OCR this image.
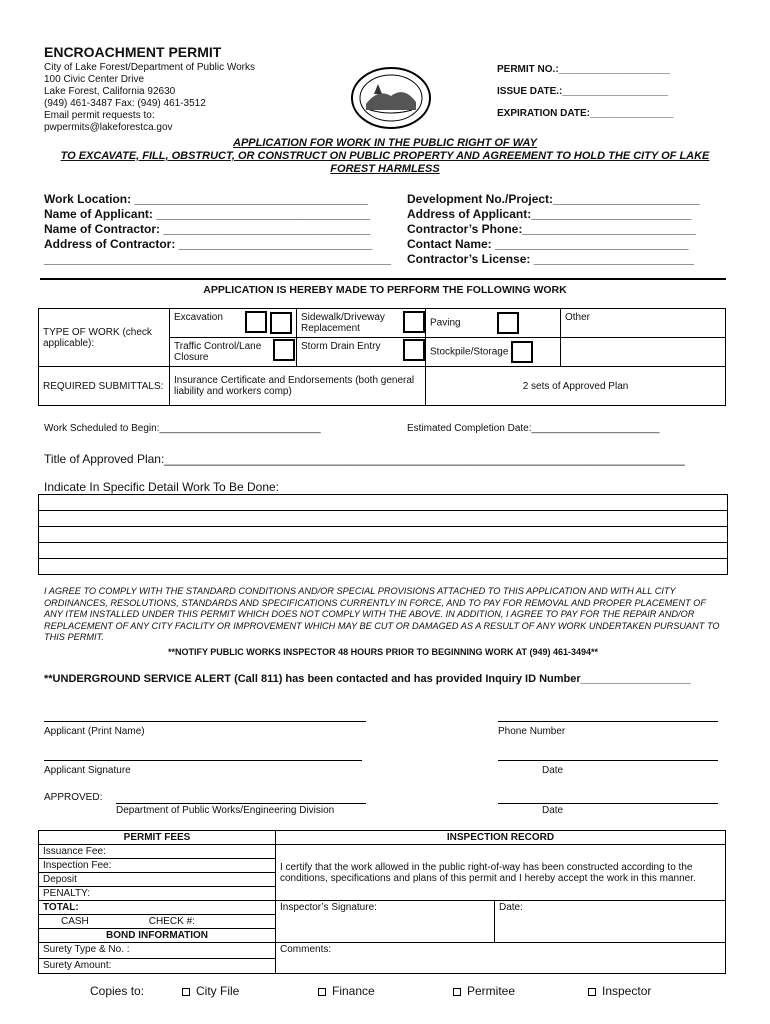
ENCROACHMENT PERMIT
City of Lake Forest/Department of Public Works
100 Civic Center Drive
Lake Forest, California 92630
(949) 461-3487 Fax: (949) 461-3512
Email permit requests to:
pwpermits@lakeforestca.gov
PERMIT NO.:____________________
ISSUE DATE.:___________________
EXPIRATION DATE:_______________
APPLICATION FOR WORK IN THE PUBLIC RIGHT OF WAY
TO EXCAVATE, FILL, OBSTRUCT, OR CONSTRUCT ON PUBLIC PROPERTY AND AGREEMENT TO HOLD THE CITY OF LAKE FOREST HARMLESS
Work Location: ___________________________________
Name of Applicant: ________________________________
Name of Contractor: _______________________________
Address of Contractor: _____________________________
____________________________________________________
Development No./Project:______________________
Address of Applicant:________________________
Contractor’s Phone:__________________________
Contact Name: _____________________________
Contractor’s License: ________________________
APPLICATION IS HEREBY MADE TO PERFORM THE FOLLOWING WORK
TYPE OF WORK (check applicable):	Excavation	Sidewalk/Driveway Replacement	Paving	Other
	Traffic Control/Lane Closure	Storm Drain Entry	Stockpile/Storage	
REQUIRED SUBMITTALS:	Insurance Certificate and Endorsements (both general liability and workers comp)		2 sets of Approved Plan	
Work Scheduled to Begin:_____________________________	Estimated Completion Date:_______________________
Title of Approved Plan:______________________________________________________________________________
Indicate In Specific Detail Work To Be Done:
I AGREE TO COMPLY WITH THE STANDARD CONDITIONS AND/OR SPECIAL PROVISIONS ATTACHED TO THIS APPLICATION AND WITH ALL CITY ORDINANCES, RESOLUTIONS, STANDARDS AND SPECIFICATIONS CURRENTLY IN FORCE, AND TO PAY FOR REMOVAL AND PROPER PLACEMENT OF ANY ITEM INSTALLED UNDER THIS PERMIT WHICH DOES NOT COMPLY WITH THE ABOVE. IN ADDITION, I AGREE TO PAY FOR THE REPAIR AND/OR REPLACEMENT OF ANY CITY FACILITY OR IMPROVEMENT WHICH MAY BE CUT OR DAMAGED AS A RESULT OF ANY WORK UNDERTAKEN PURSUANT TO THIS PERMIT.
**NOTIFY PUBLIC WORKS INSPECTOR 48 HOURS PRIOR TO BEGINNING WORK AT (949) 461-3494**
**UNDERGROUND SERVICE ALERT (Call 811) has been contacted and has provided Inquiry ID Number__________________
Applicant (Print Name)	Phone Number
Applicant Signature	Date
APPROVED:
Department of Public Works/Engineering Division	Date
PERMIT FEES	INSPECTION RECORD	
Issuance Fee:	I certify that the work allowed in the public right-of-way has been constructed according to the conditions, specifications and plans of this permit and I hereby accept the work in this manner.	
Inspection Fee:		
Deposit		
PENALTY:		
TOTAL:	Inspector’s Signature:	Date:
CASH CHECK #:		
BOND INFORMATION		
Surety Type & No. :	Comments:	
Surety Amount:		
Copies to:	City File	Finance	Permitee	Inspector
